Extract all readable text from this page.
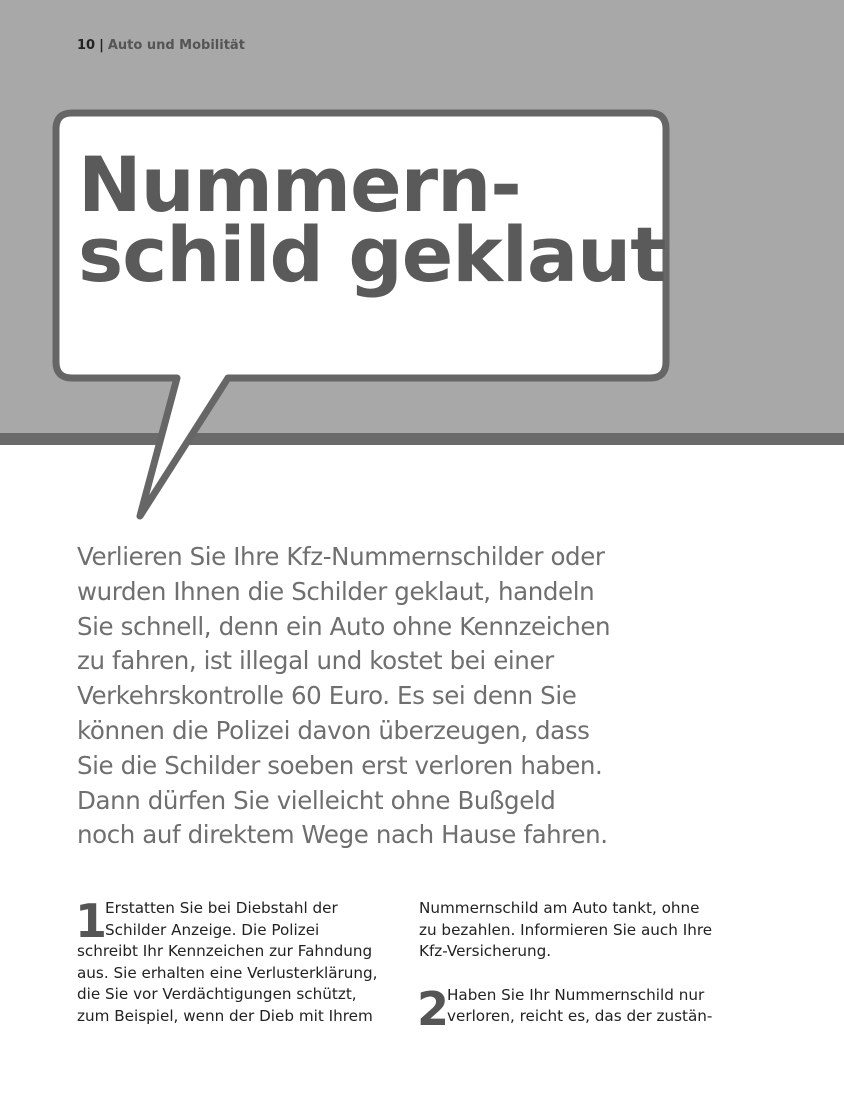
10 | Auto und Mobilität
Nummern-
schild geklaut
Verlieren Sie Ihre Kfz-Nummernschilder oder
wurden Ihnen die Schilder geklaut, handeln
Sie schnell, denn ein Auto ohne Kennzeichen
zu fahren, ist illegal und kostet bei einer
Verkehrskontrolle 60 Euro. Es sei denn Sie
können die Polizei davon überzeugen, dass
Sie die Schilder soeben erst verloren haben.
Dann dürfen Sie vielleicht ohne Bußgeld
noch auf direktem Wege nach Hause fahren.
1
Erstatten Sie bei Diebstahl der
Schilder Anzeige. Die Polizei
schreibt Ihr Kennzeichen zur Fahndung
aus. Sie erhalten eine Verlusterklärung,
die Sie vor Verdächtigungen schützt,
zum Beispiel, wenn der Dieb mit Ihrem
Nummernschild am Auto tankt, ohne
zu bezahlen. Informieren Sie auch Ihre
Kfz-Versicherung.
Haben Sie Ihr Nummernschild nur
verloren, reicht es, das der zustän-
2
